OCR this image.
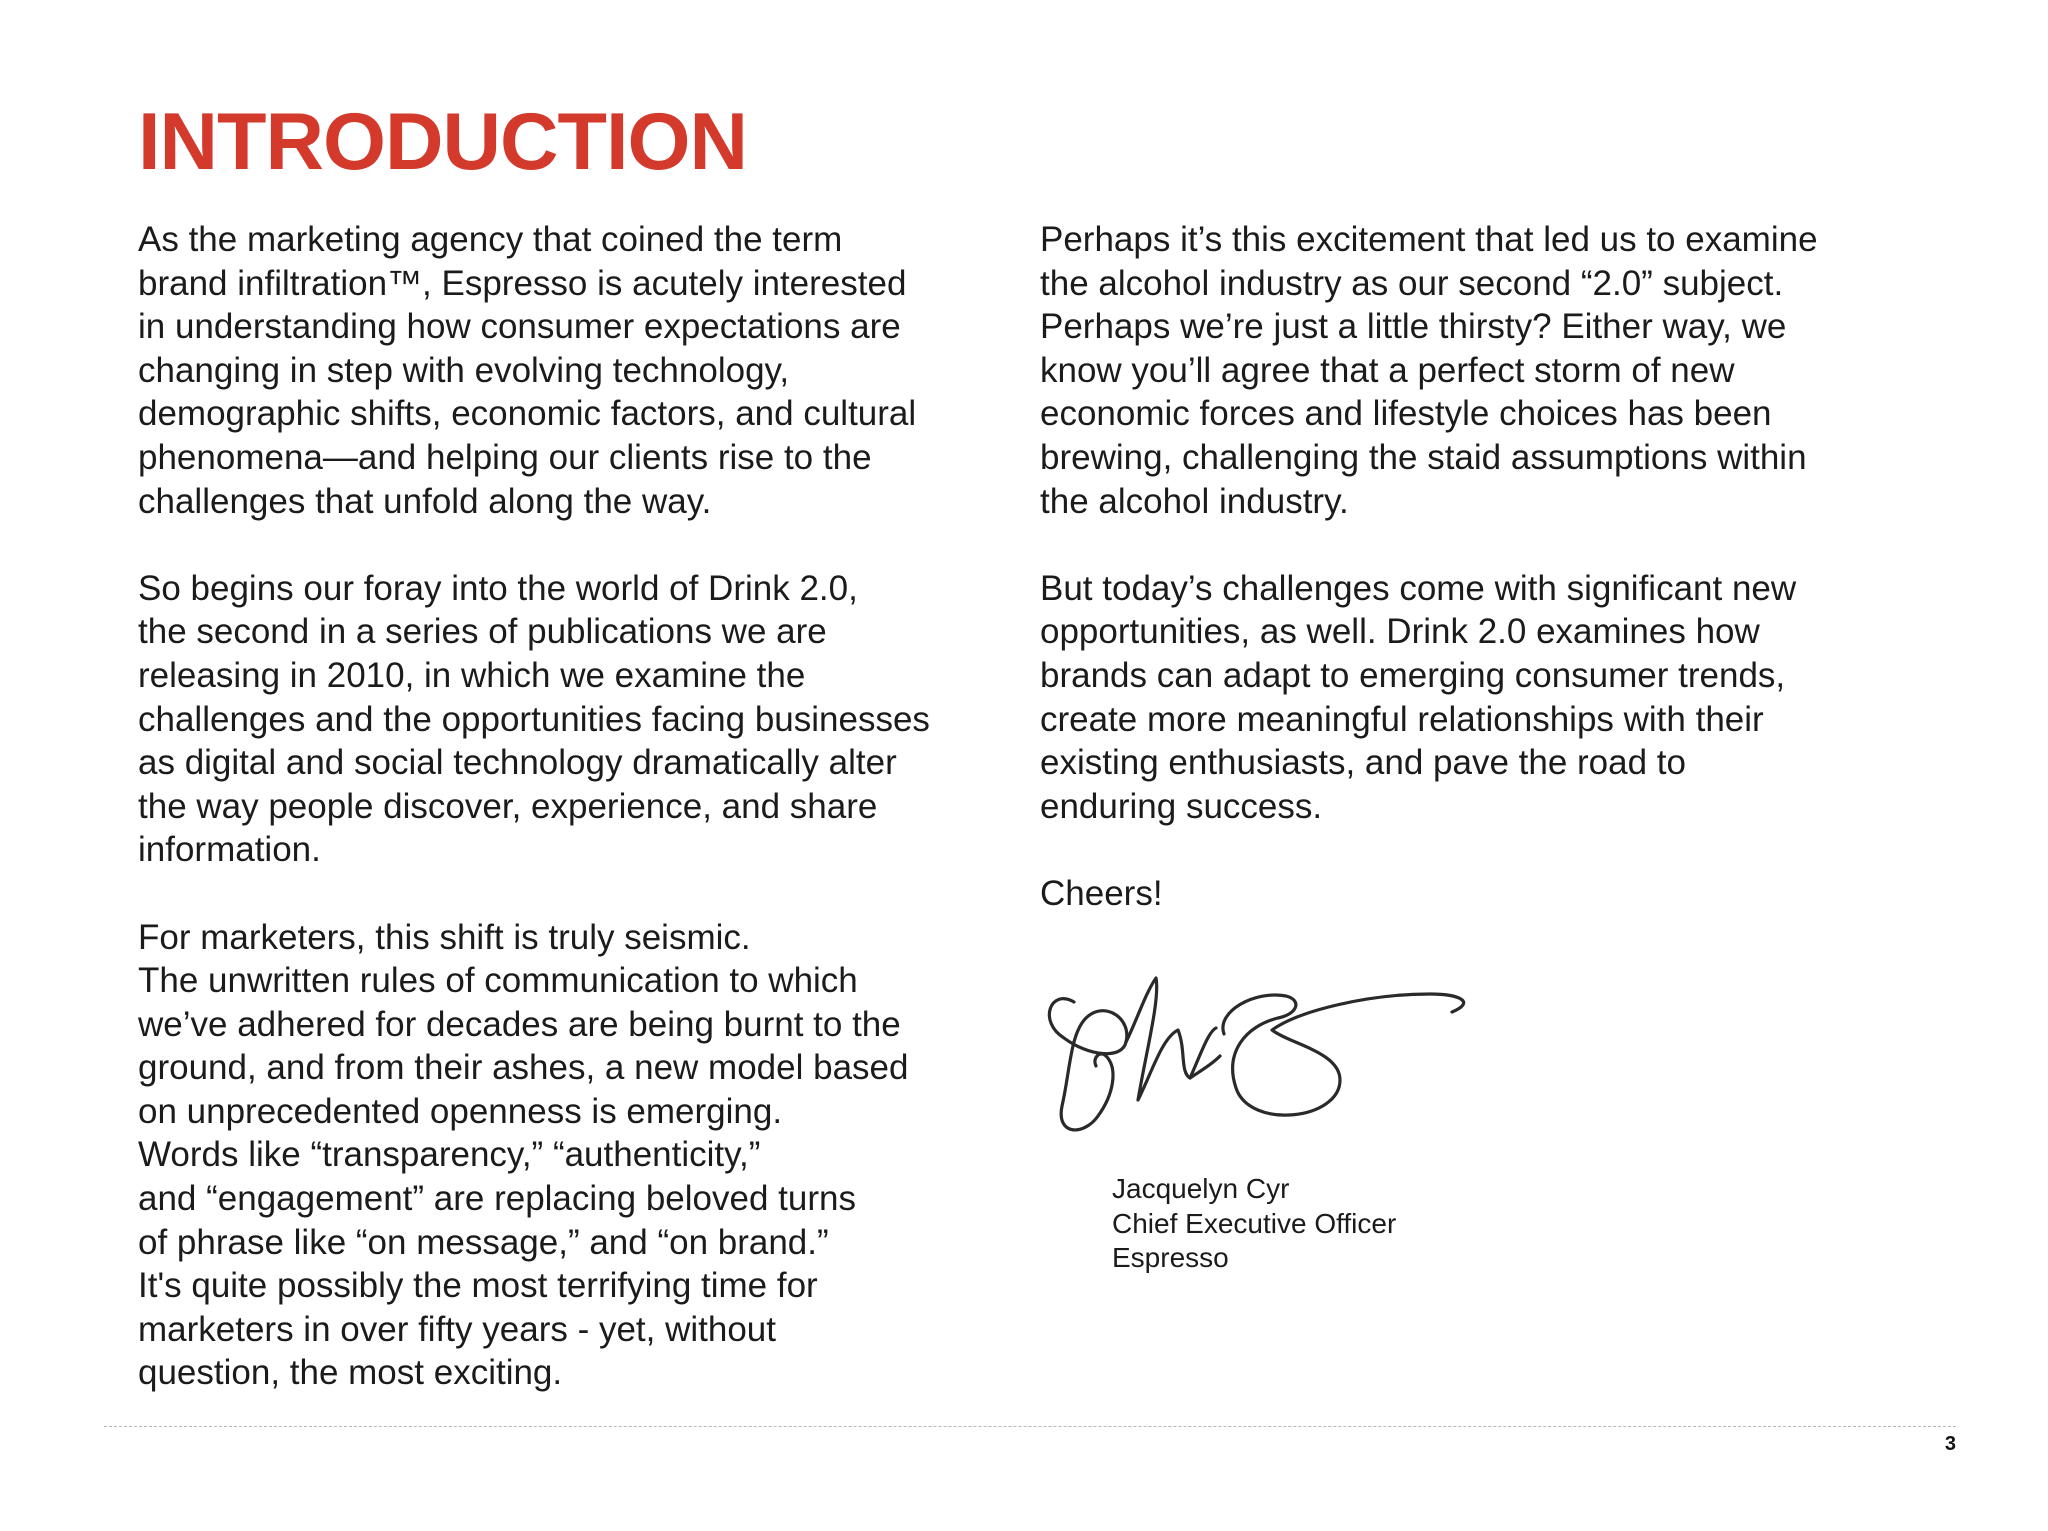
INTRODUCTION

As the marketing agency that coined the term
brand infiltration™, Espresso is acutely interested
in understanding how consumer expectations are
changing in step with evolving technology,
demographic shifts, economic factors, and cultural
phenomena—and helping our clients rise to the
challenges that unfold along the way.

So begins our foray into the world of Drink 2.0,
the second in a series of publications we are
releasing in 2010, in which we examine the
challenges and the opportunities facing businesses
as digital and social technology dramatically alter
the way people discover, experience, and share
information.

For marketers, this shift is truly seismic.
The unwritten rules of communication to which
we’ve adhered for decades are being burnt to the
ground, and from their ashes, a new model based
on unprecedented openness is emerging.
Words like “transparency,” “authenticity,”
and “engagement” are replacing beloved turns
of phrase like “on message,” and “on brand.”
It's quite possibly the most terrifying time for
marketers in over fifty years - yet, without
question, the most exciting.

Perhaps it’s this excitement that led us to examine
the alcohol industry as our second “2.0” subject.
Perhaps we’re just a little thirsty? Either way, we
know you’ll agree that a perfect storm of new
economic forces and lifestyle choices has been
brewing, challenging the staid assumptions within
the alcohol industry.

But today’s challenges come with significant new
opportunities, as well. Drink 2.0 examines how
brands can adapt to emerging consumer trends,
create more meaningful relationships with their
existing enthusiasts, and pave the road to
enduring success.

Cheers!

Jacquelyn Cyr
Chief Executive Officer
Espresso
3
